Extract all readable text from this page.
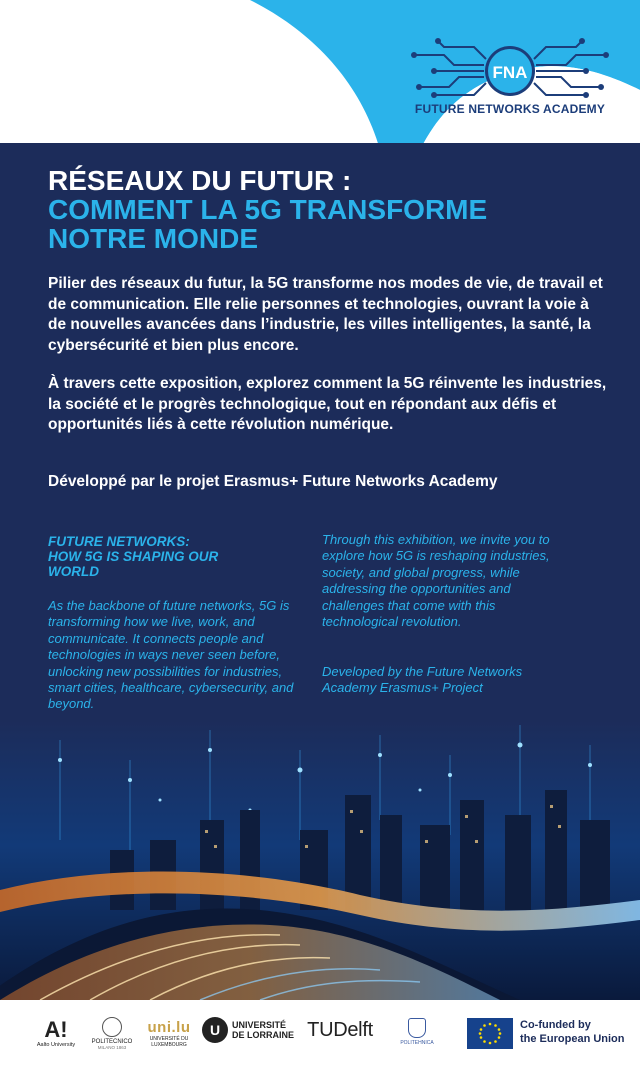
FNA
FUTURE NETWORKS ACADEMY
RÉSEAUX DU FUTUR :
COMMENT LA 5G TRANSFORME
NOTRE MONDE

Pilier des réseaux du futur, la 5G transforme nos modes de vie, de travail et de communication. Elle relie personnes et technologies, ouvrant la voie à de nouvelles avancées dans l’industrie, les villes intelligentes, la santé, la cybersécurité et bien plus encore.

À travers cette exposition, explorez comment la 5G réinvente les industries, la société et le progrès technologique, tout en répondant aux défis et opportunités liés à cette révolution numérique.

Développé par le projet Erasmus+ Future Networks Academy

FUTURE NETWORKS:
HOW 5G IS SHAPING OUR
WORLD

As the backbone of future networks, 5G is transforming how we live, work, and communicate. It connects people and technologies in ways never seen before, unlocking new possibilities for industries, smart cities, healthcare, cybersecurity, and beyond.

Through this exhibition, we invite you to explore how 5G is reshaping industries, society, and global progress, while addressing the opportunities and challenges that come with this technological revolution.

Developed by the Future Networks Academy Erasmus+ Project

A!
Aalto University
POLITECNICO
MILANO 1863
uni.lu
UNIVERSITÉ DU LUXEMBOURG
U	UNIVERSITÉ
DE LORRAINE TUDelft
POLITEHNICA
Co-funded by
the European Union
